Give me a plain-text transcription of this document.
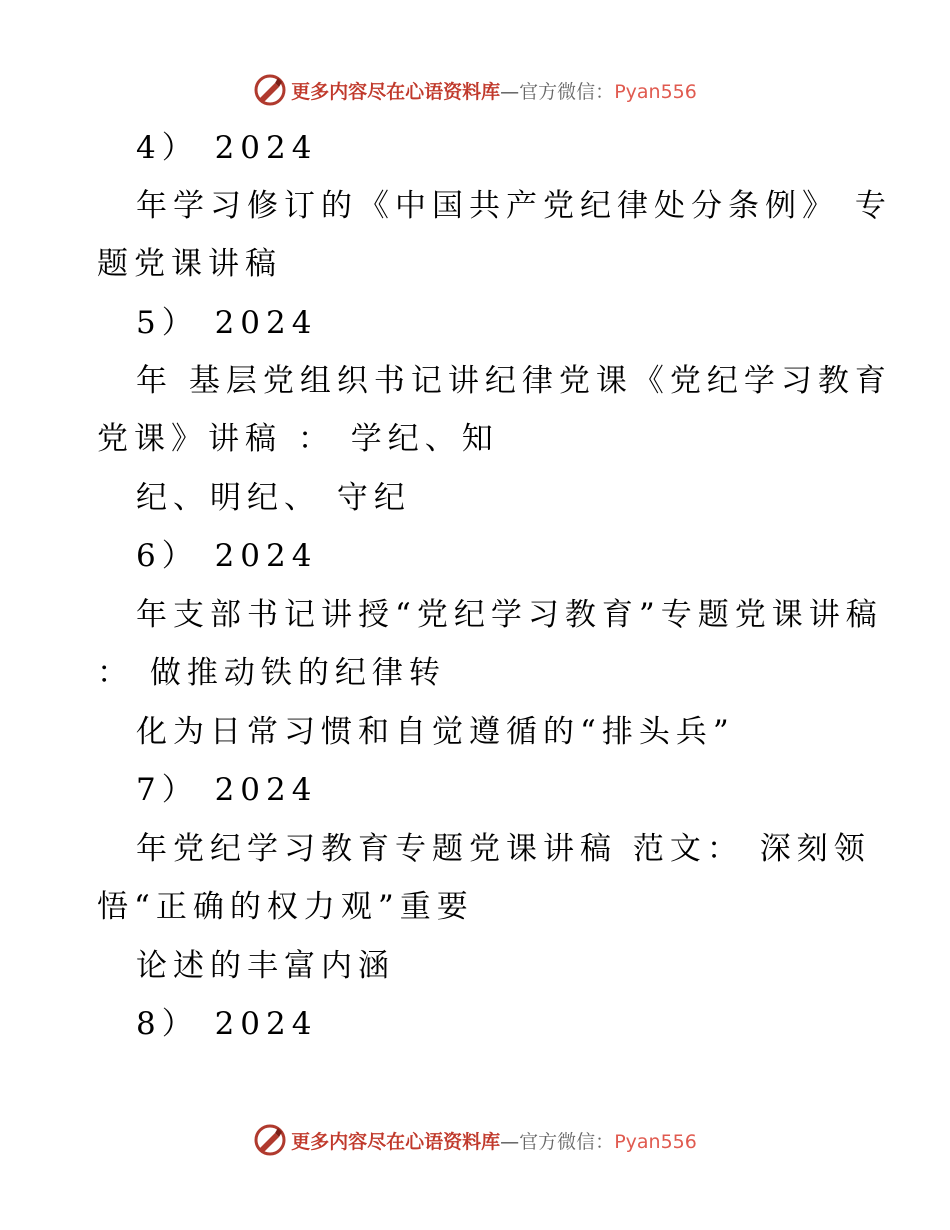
更多内容尽在心语资料库—官方微信：Pyan556
4） 2024
年学习修订的《中国共产党纪律处分条例》 专
题党课讲稿
5） 2024
年 基层党组织书记讲纪律党课《党纪学习教育
党课》讲稿 ： 学纪、知
纪、明纪、 守纪
6） 2024
年支部书记讲授“党纪学习教育”专题党课讲稿
： 做推动铁的纪律转
化为日常习惯和自觉遵循的“排头兵”
7） 2024
年党纪学习教育专题党课讲稿 范文： 深刻领
悟“正确的权力观”重要
论述的丰富内涵
8） 2024
更多内容尽在心语资料库—官方微信：Pyan556
